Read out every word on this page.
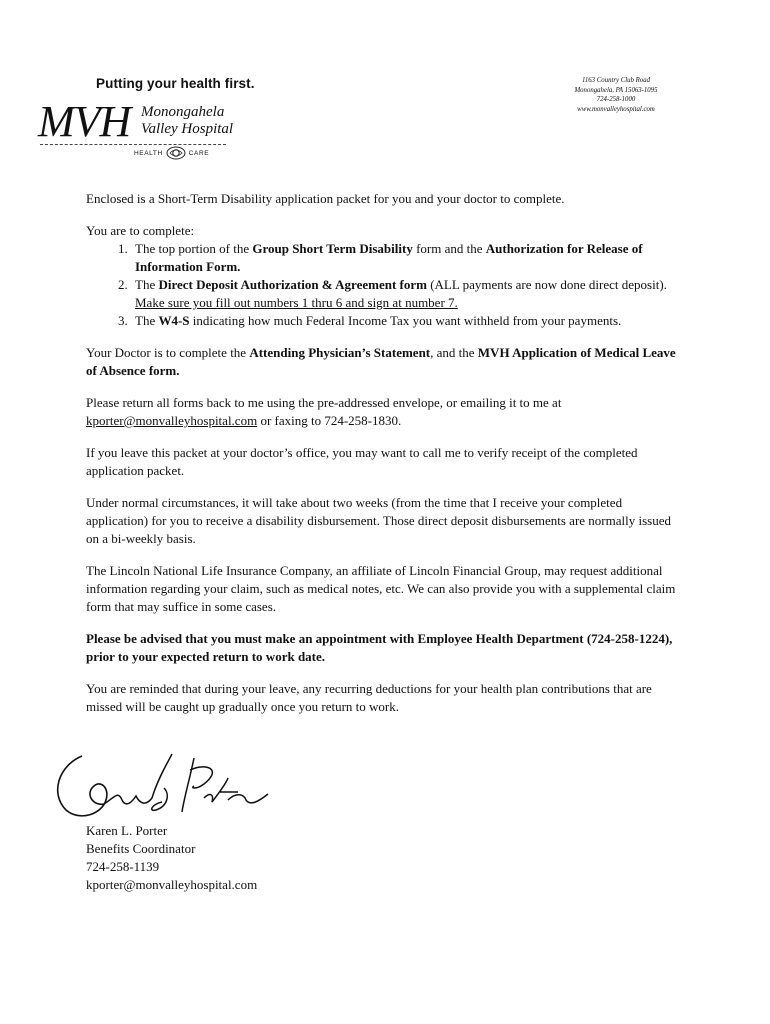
Putting your health first.
MVH Monongahela
Valley Hospital
HEALTH	CARE
1163 Country Club Road
Monongahela, PA 15063-1095
724-258-1000
www.monvalleyhospital.com

Enclosed is a Short-Term Disability application packet for you and your doctor to complete.

You are to complete:

1. The top portion of the Group Short Term Disability form and the Authorization for Release of Information Form.
2. The Direct Deposit Authorization & Agreement form (ALL payments are now done direct deposit). Make sure you fill out numbers 1 thru 6 and sign at number 7.
3. The W4-S indicating how much Federal Income Tax you want withheld from your payments.

Your Doctor is to complete the Attending Physician’s Statement, and the MVH Application of Medical Leave of Absence form.

Please return all forms back to me using the pre-addressed envelope, or emailing it to me at kporter@monvalleyhospital.com or faxing to 724-258-1830.

If you leave this packet at your doctor’s office, you may want to call me to verify receipt of the completed application packet.

Under normal circumstances, it will take about two weeks (from the time that I receive your completed application) for you to receive a disability disbursement. Those direct deposit disbursements are normally issued on a bi-weekly basis.

The Lincoln National Life Insurance Company, an affiliate of Lincoln Financial Group, may request additional information regarding your claim, such as medical notes, etc. We can also provide you with a supplemental claim form that may suffice in some cases.

Please be advised that you must make an appointment with Employee Health Department (724-258-1224), prior to your expected return to work date.

You are reminded that during your leave, any recurring deductions for your health plan contributions that are missed will be caught up gradually once you return to work.

Karen L. Porter
Benefits Coordinator
724-258-1139
kporter@monvalleyhospital.com
